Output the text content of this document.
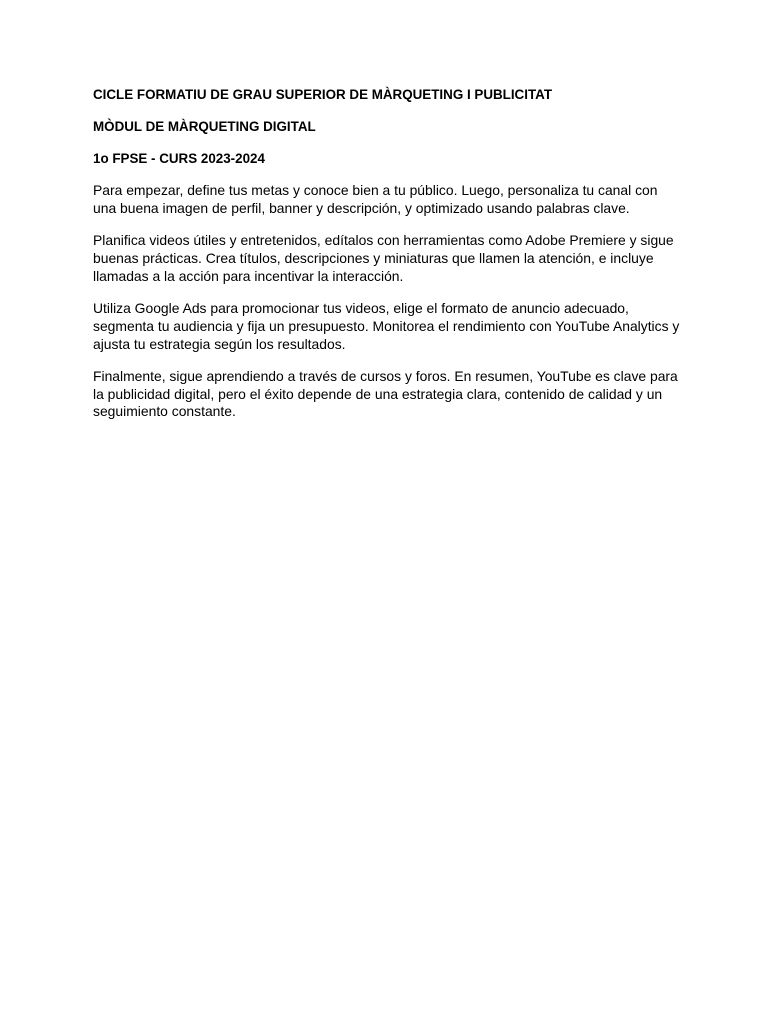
CICLE FORMATIU DE GRAU SUPERIOR DE MÀRQUETING I PUBLICITAT
MÒDUL DE MÀRQUETING DIGITAL
1o FPSE - CURS 2023-2024

Para empezar, define tus metas y conoce bien a tu público. Luego, personaliza tu canal con una buena imagen de perfil, banner y descripción, y optimizado usando palabras clave.

Planifica videos útiles y entretenidos, edítalos con herramientas como Adobe Premiere y sigue buenas prácticas. Crea títulos, descripciones y miniaturas que llamen la atención, e incluye llamadas a la acción para incentivar la interacción.

Utiliza Google Ads para promocionar tus videos, elige el formato de anuncio adecuado, segmenta tu audiencia y fija un presupuesto. Monitorea el rendimiento con YouTube Analytics y ajusta tu estrategia según los resultados.

Finalmente, sigue aprendiendo a través de cursos y foros. En resumen, YouTube es clave para la publicidad digital, pero el éxito depende de una estrategia clara, contenido de calidad y un seguimiento constante.
